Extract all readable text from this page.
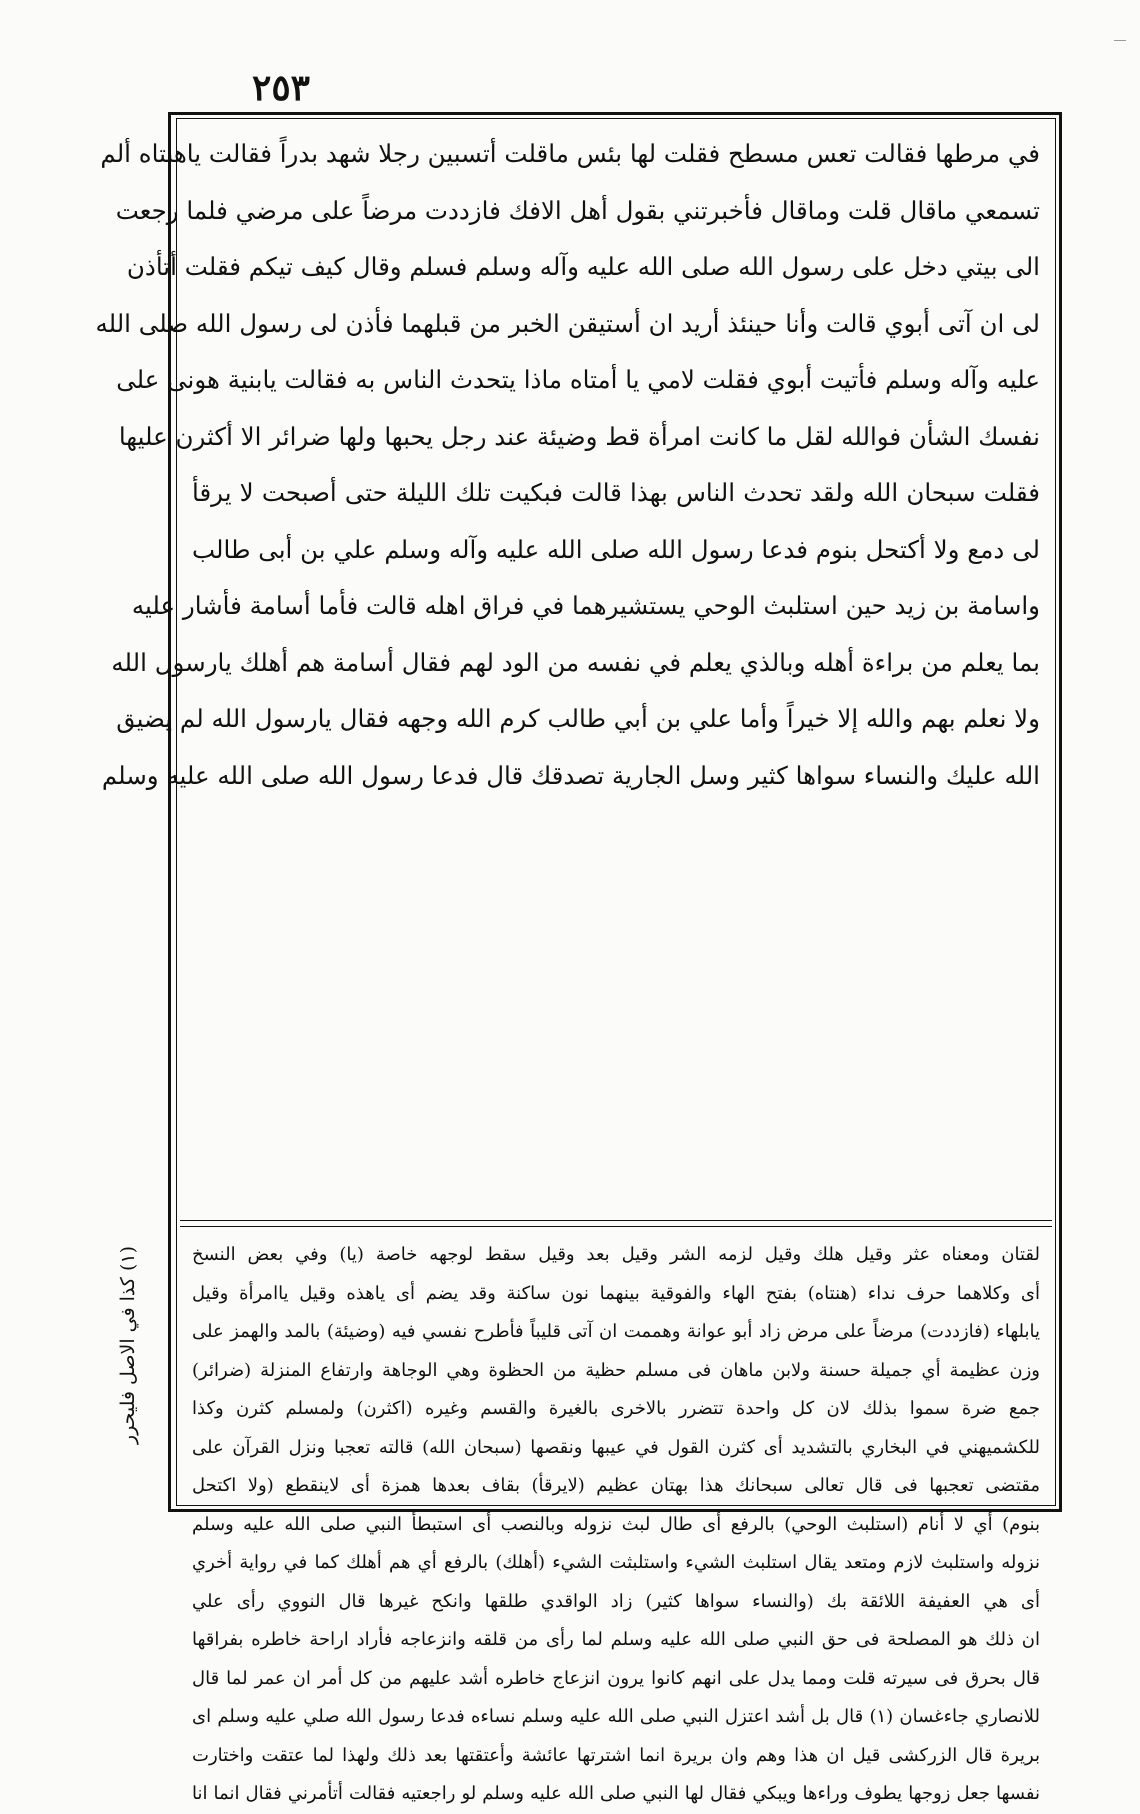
٢٥٣
في مرطها فقالت تعس مسطح فقلت لها بئس ماقلت أتسبين رجلا شهد بدراً فقالت ياهنتاه ألم
تسمعي ماقال قلت وماقال فأخبرتني بقول أهل الافك فازددت مرضاً على مرضي فلما رجعت
الى بيتي دخل على رسول الله صلى الله عليه وآله وسلم فسلم وقال كيف تيكم فقلت أتأذن
لى ان آتى أبوي قالت وأنا حينئذ أريد ان أستيقن الخبر من قبلهما فأذن لى رسول الله صلى الله
عليه وآله وسلم فأتيت أبوي فقلت لامي يا أمتاه ماذا يتحدث الناس به فقالت يابنية هونى على
نفسك الشأن فوالله لقل ما كانت امرأة قط وضيئة عند رجل يحبها ولها ضرائر الا أكثرن عليها
فقلت سبحان الله ولقد تحدث الناس بهذا قالت فبكيت تلك الليلة حتى أصبحت لا يرقأ
لى دمع ولا أكتحل بنوم فدعا رسول الله صلى الله عليه وآله وسلم علي بن أبى طالب
واسامة بن زيد حين استلبث الوحي يستشيرهما في فراق اهله قالت فأما أسامة فأشار عليه
بما يعلم من براءة أهله وبالذي يعلم في نفسه من الود لهم فقال أسامة هم أهلك يارسول الله
ولا نعلم بهم والله إلا خيراً وأما علي بن أبي طالب كرم الله وجهه فقال يارسول الله لم يضيق
الله عليك والنساء سواها كثير وسل الجارية تصدقك قال فدعا رسول الله صلى الله عليه وسلم
لقتان ومعناه عثر وقيل هلك وقيل لزمه الشر وقيل بعد وقيل سقط لوجهه خاصة (يا) وفي بعض النسخ
أى وكلاهما حرف نداء (هنتاه) بفتح الهاء والفوقية بينهما نون ساكنة وقد يضم أى ياهذه وقيل ياامرأة وقيل
يابلهاء (فازددت) مرضاً على مرض زاد أبو عوانة وهممت ان آتى قليباً فأطرح نفسي فيه (وضيئة) بالمد والهمز على
وزن عظيمة أي جميلة حسنة ولابن ماهان فى مسلم حظية من الحظوة وهي الوجاهة وارتفاع المنزلة (ضرائر)
جمع ضرة سموا بذلك لان كل واحدة تتضرر بالاخرى بالغيرة والقسم وغيره (اكثرن) ولمسلم كثرن وكذا
للكشميهني في البخاري بالتشديد أى كثرن القول في عيبها ونقصها (سبحان الله) قالته تعجبا ونزل القرآن على
مقتضى تعجبها فى قال تعالى سبحانك هذا بهتان عظيم (لايرقأ) بقاف بعدها همزة أى لاينقطع (ولا اكتحل
بنوم) أي لا أنام (استلبث الوحي) بالرفع أى طال لبث نزوله وبالنصب أى استبطأ النبي صلى الله عليه وسلم
نزوله واستلبث لازم ومتعد يقال استلبث الشيء واستلبثت الشيء (أهلك) بالرفع أي هم أهلك كما في رواية أخري
أى هي العفيفة اللائقة بك (والنساء سواها كثير) زاد الواقدي طلقها وانكح غيرها قال النووي رأى علي
ان ذلك هو المصلحة فى حق النبي صلى الله عليه وسلم لما رأى من قلقه وانزعاجه فأراد اراحة خاطره بفراقها
قال بحرق فى سيرته قلت ومما يدل على انهم كانوا يرون انزعاج خاطره أشد عليهم من كل أمر ان عمر لما قال
للانصاري جاءغسان (١) قال بل أشد اعتزل النبي صلى الله عليه وسلم نساءه فدعا رسول الله صلي عليه وسلم ای
بريرة قال الزركشى قيل ان هذا وهم وان بريرة انما اشترتها عائشة وأعتقتها بعد ذلك ولهذا لما عتقت واختارت
نفسها جعل زوجها يطوف وراءها ويبكي فقال لها النبي صلى الله عليه وسلم لو راجعتيه فقالت أتأمرني فقال انما انا
(١) كذا في الاصل فليحرر
